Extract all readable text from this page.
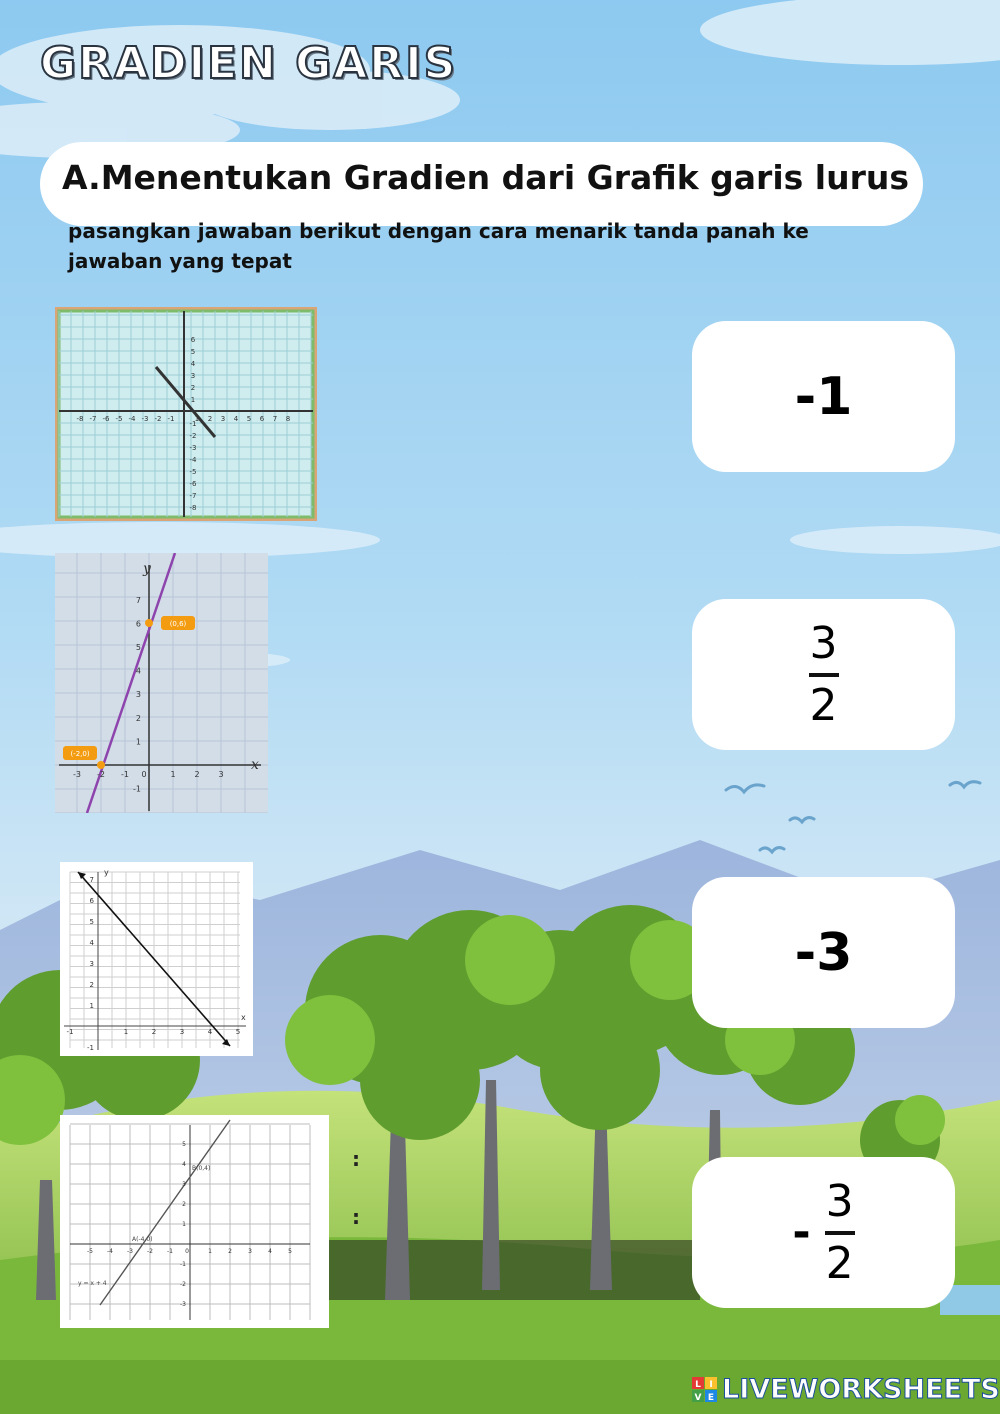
GRADIEN GARIS
A.Menentukan Gradien dari Grafik garis lurus
pasangkan jawaban berikut dengan cara menarik tanda panah ke jawaban yang tepat
-8 -7 -6 -5 -4 -3 -2 -1	1 2 3 4 5 6 7 8
6
5
4
3
2
1
-1
-2
-3
-4
-5
-6
-7
-8
(0,6)
(-2,0)
y
x
-3 -2 -1 0	1 2 3
7
6
5
4
3
2
1
-1
y
x
-1	1	2	3	4	5
7
6
5
4
3
2
1
-1
A(-4,0)
B(0,4)
y = x + 4
-5 -4 -3 -2 -1 0	1	2	3	4	5
5
4
3
2
1
-1
-2
-3
:
:
-1
$\frac{3}{2}$
-3
- $\frac{3}{2}$
L I
V E LIVEWORKSHEETS
